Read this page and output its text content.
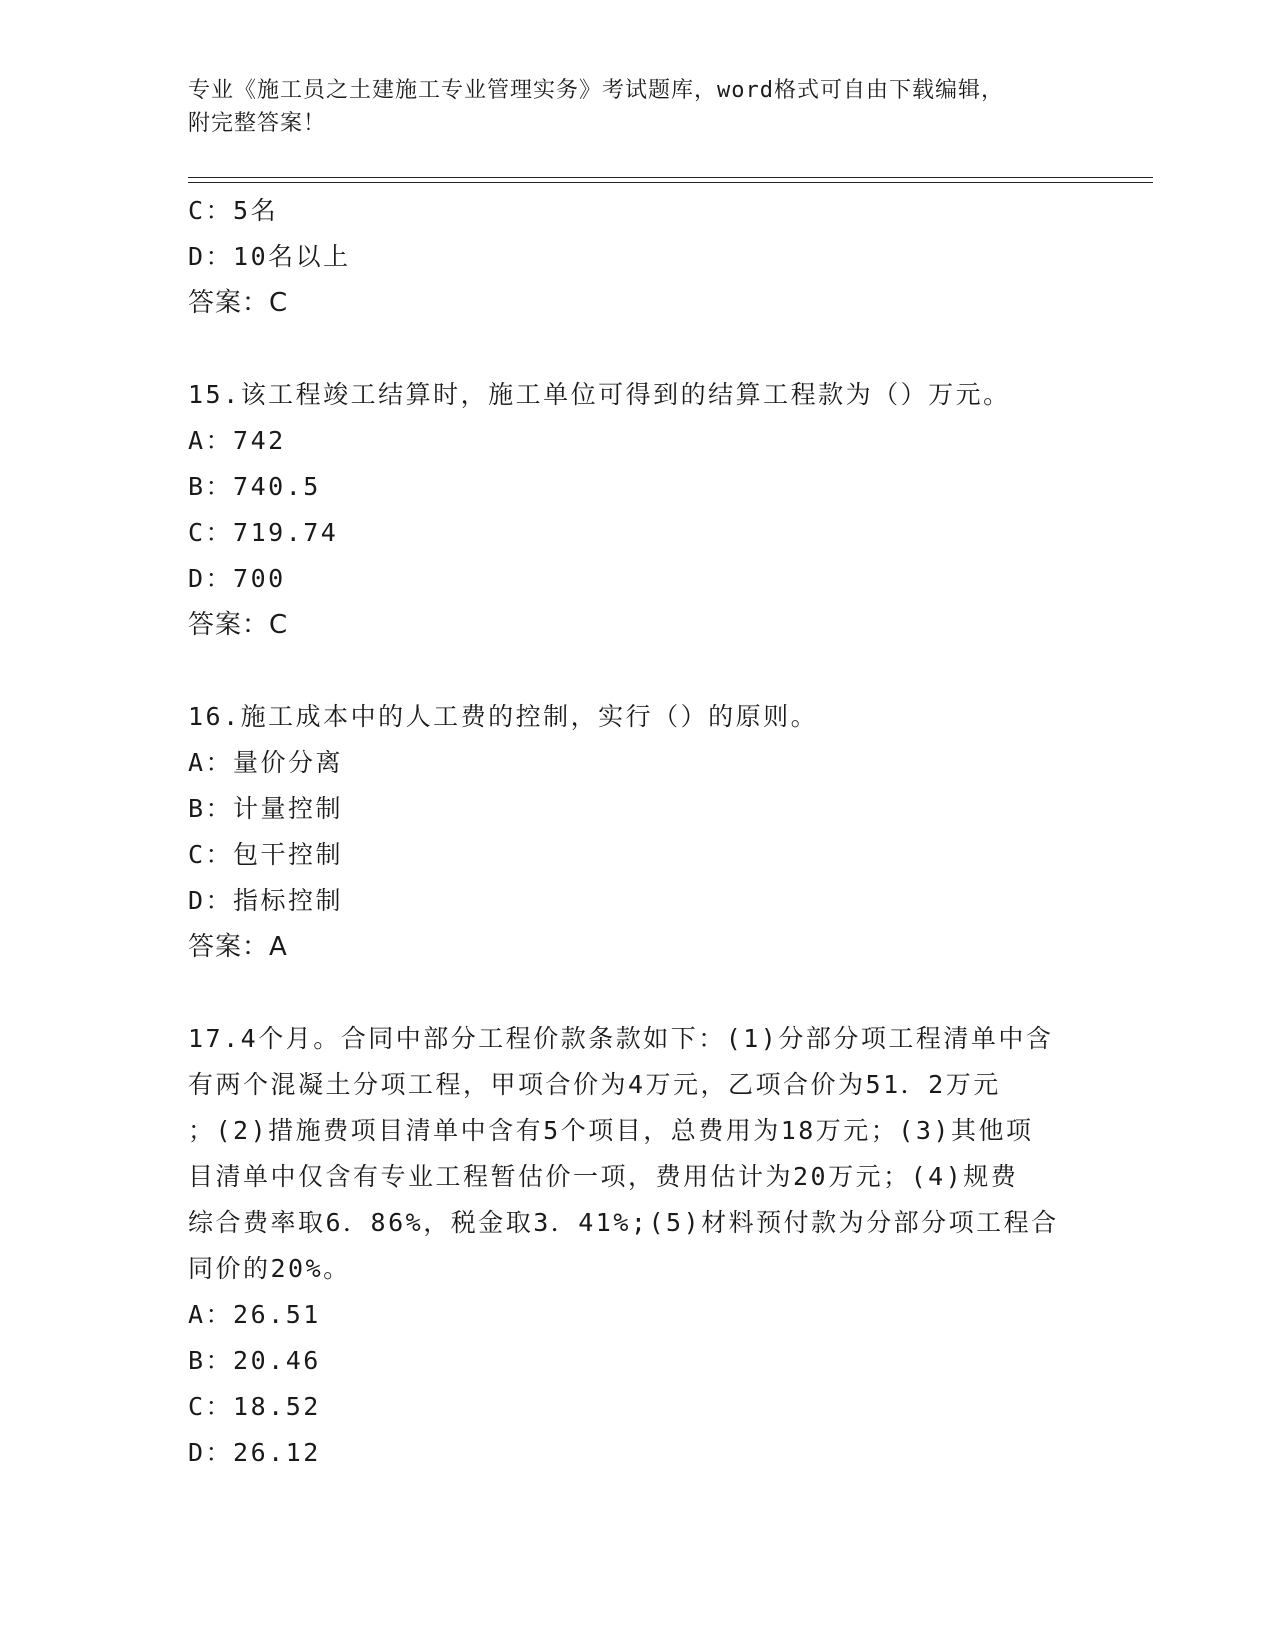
专业《施工员之土建施工专业管理实务》考试题库，word格式可自由下载编辑，
附完整答案！
C：5名
D：10名以上
答案：C
15.该工程竣工结算时，施工单位可得到的结算工程款为（）万元。
A：742
B：740.5
C：719.74
D：700
答案：C
16.施工成本中的人工费的控制，实行（）的原则。
A：量价分离
B：计量控制
C：包干控制
D：指标控制
答案：A
17.4个月。合同中部分工程价款条款如下：(1)分部分项工程清单中含
有两个混凝土分项工程，甲项合价为4万元，乙项合价为51．2万元
；(2)措施费项目清单中含有5个项目，总费用为18万元；(3)其他项
目清单中仅含有专业工程暂估价一项，费用估计为20万元；(4)规费
综合费率取6．86%，税金取3．41%;(5)材料预付款为分部分项工程合
同价的20%。
A：26.51
B：20.46
C：18.52
D：26.12
